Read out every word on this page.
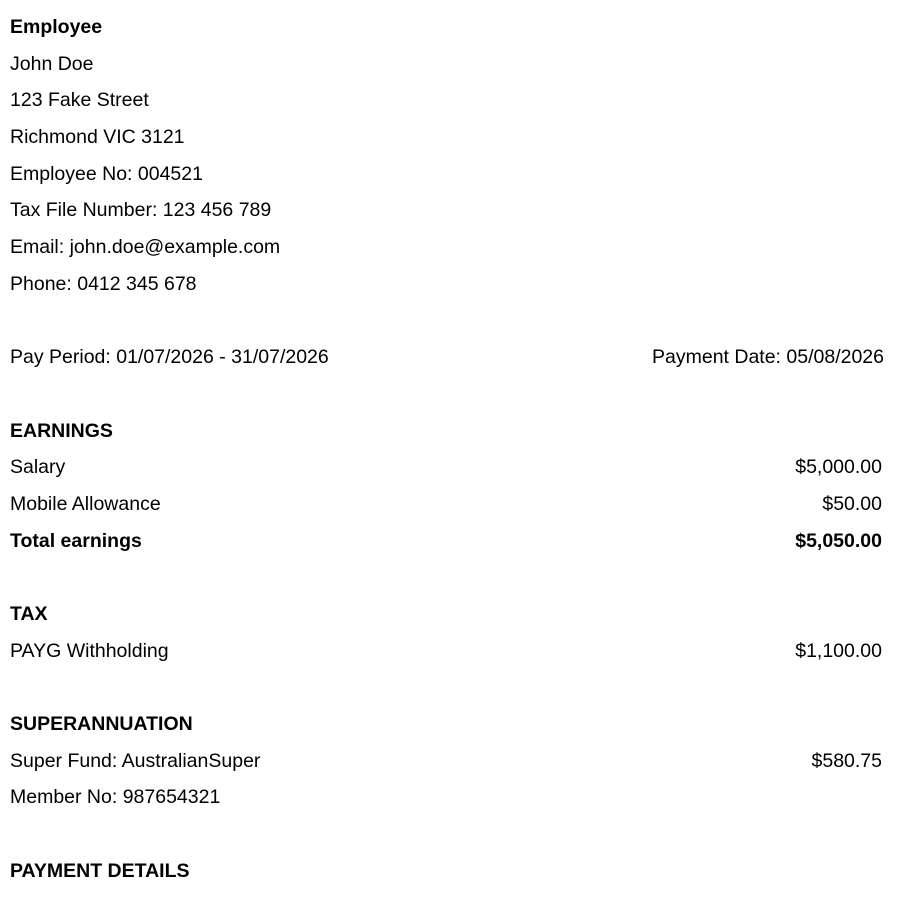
Employee
John Doe
123 Fake Street
Richmond VIC 3121
Employee No: 004521
Tax File Number: 123 456 789
Email: john.doe@example.com
Phone: 0412 345 678
Pay Period: 01/07/2026 - 31/07/2026	Payment Date: 05/08/2026
EARNINGS
Salary	$5,000.00
Mobile Allowance	$50.00
Total earnings	$5,050.00
TAX
PAYG Withholding	$1,100.00
SUPERANNUATION
Super Fund: AustralianSuper	$580.75
Member No: 987654321
PAYMENT DETAILS
